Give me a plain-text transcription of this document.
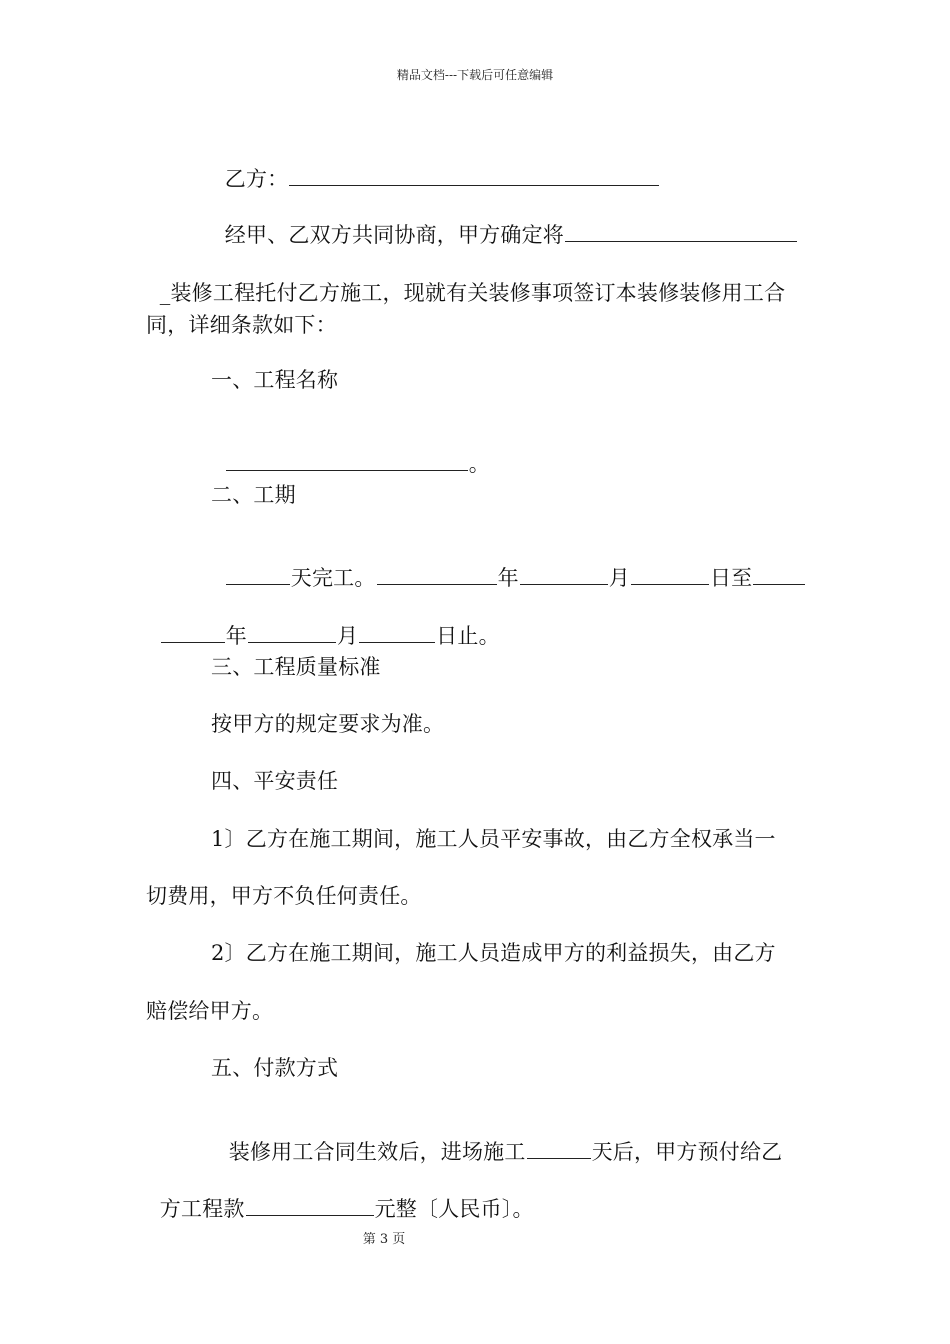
精品文档---下载后可任意编辑

乙方：

经甲、乙双方共同协商，甲方确定将

_装修工程托付乙方施工，现就有关装修事项签订本装修装修用工合

同，详细条款如下：
一、工程名称

。

二、工期

天完工。	年	月	日至

年	月	日止。

三、工程质量标准
按甲方的规定要求为准。
四、平安责任
1〕乙方在施工期间，施工人员平安事故，由乙方全权承当一
切费用，甲方不负任何责任。
2〕乙方在施工期间，施工人员造成甲方的利益损失，由乙方
赔偿给甲方。
五、付款方式

装修用工合同生效后，进场施工	天后，甲方预付给乙

方工程款	元整〔人民币〕。

第 3 页
